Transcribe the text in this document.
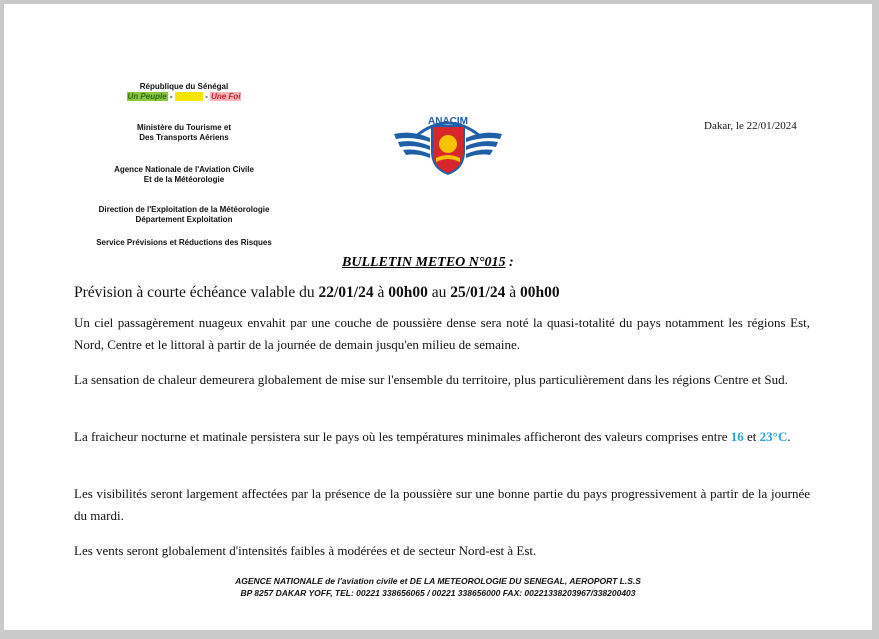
République du Sénégal
Un Peuple - Un But - Une Foi
Ministère du Tourisme et
Des Transports Aériens
Agence Nationale de l'Aviation Civile
Et de la Météorologie
Direction de l'Exploitation de la Météorologie
Département Exploitation
Service Prévisions et Réductions des Risques
ANACIM	Dakar, le 22/01/2024
BULLETIN METEO N°015 :
Prévision à courte échéance valable du 22/01/24 à 00h00 au 25/01/24 à 00h00
Un ciel passagèrement nuageux envahit par une couche de poussière dense sera noté la quasi-totalité du pays notamment les régions Est, Nord, Centre et le littoral à partir de la journée de demain jusqu'en milieu de semaine.
La sensation de chaleur demeurera globalement de mise sur l'ensemble du territoire, plus particulièrement dans les régions Centre et Sud.
La fraicheur nocturne et matinale persistera sur le pays où les températures minimales afficheront des valeurs comprises entre 16 et 23°C.
Les visibilités seront largement affectées par la présence de la poussière sur une bonne partie du pays progressivement à partir de la journée du mardi.
Les vents seront globalement d'intensités faibles à modérées et de secteur Nord-est à Est.
AGENCE NATIONALE de l'aviation civile et DE LA METEOROLOGIE DU SENEGAL, AEROPORT L.S.S
BP 8257 DAKAR YOFF, TEL: 00221 338656065 / 00221 338656000 FAX: 00221338203967/338200403
